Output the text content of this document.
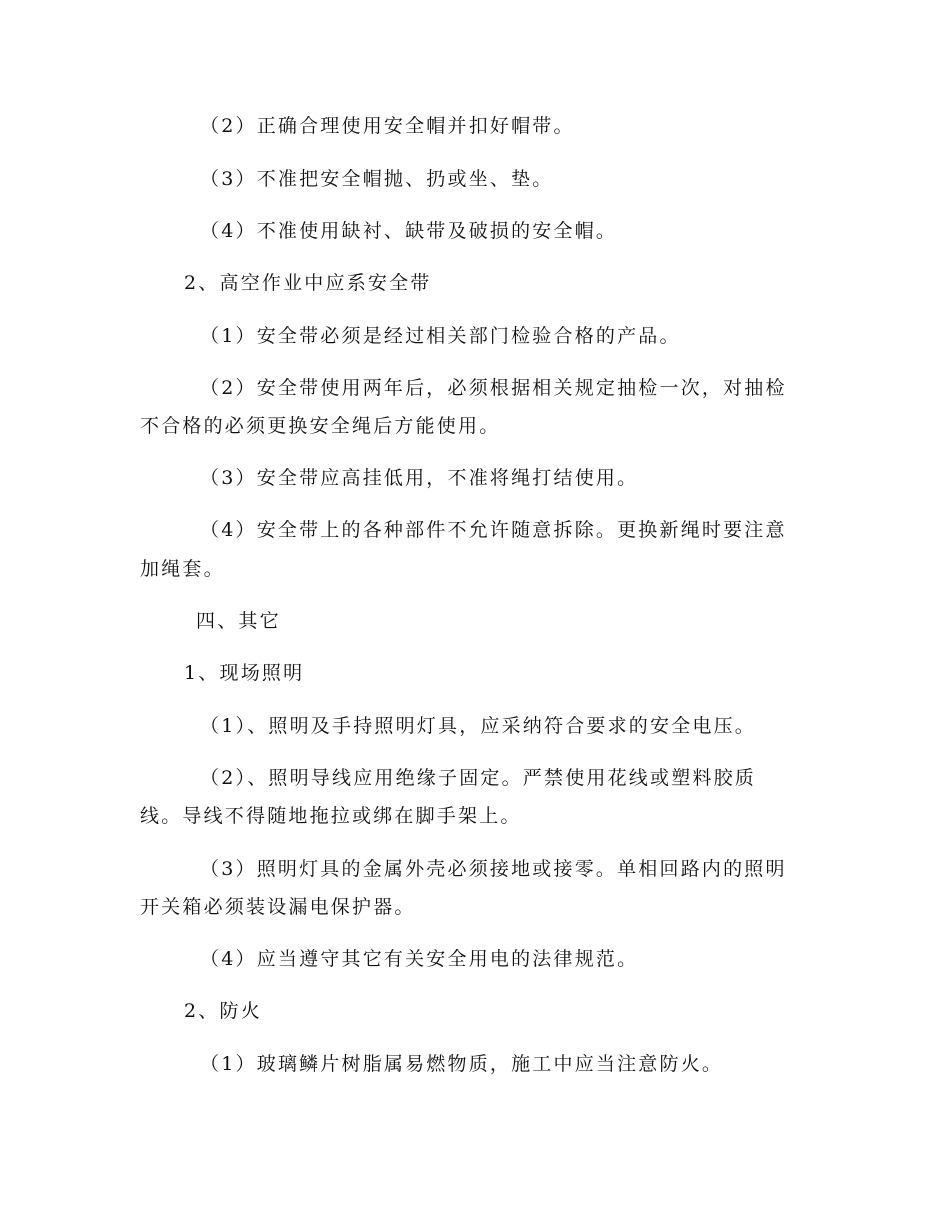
（2）正确合理使用安全帽并扣好帽带。
（3）不准把安全帽抛、扔或坐、垫。
（4）不准使用缺衬、缺带及破损的安全帽。
2、高空作业中应系安全带
（1）安全带必须是经过相关部门检验合格的产品。
（2）安全带使用两年后，必须根据相关规定抽检一次，对抽检
不合格的必须更换安全绳后方能使用。
（3）安全带应高挂低用，不准将绳打结使用。
（4）安全带上的各种部件不允许随意拆除。更换新绳时要注意
加绳套。
四、其它
1、现场照明
（1）、照明及手持照明灯具，应采纳符合要求的安全电压。
（2）、照明导线应用绝缘子固定。严禁使用花线或塑料胶质
线。导线不得随地拖拉或绑在脚手架上。
（3）照明灯具的金属外壳必须接地或接零。单相回路内的照明
开关箱必须装设漏电保护器。
（4）应当遵守其它有关安全用电的法律规范。
2、防火
（1）玻璃鳞片树脂属易燃物质，施工中应当注意防火。
